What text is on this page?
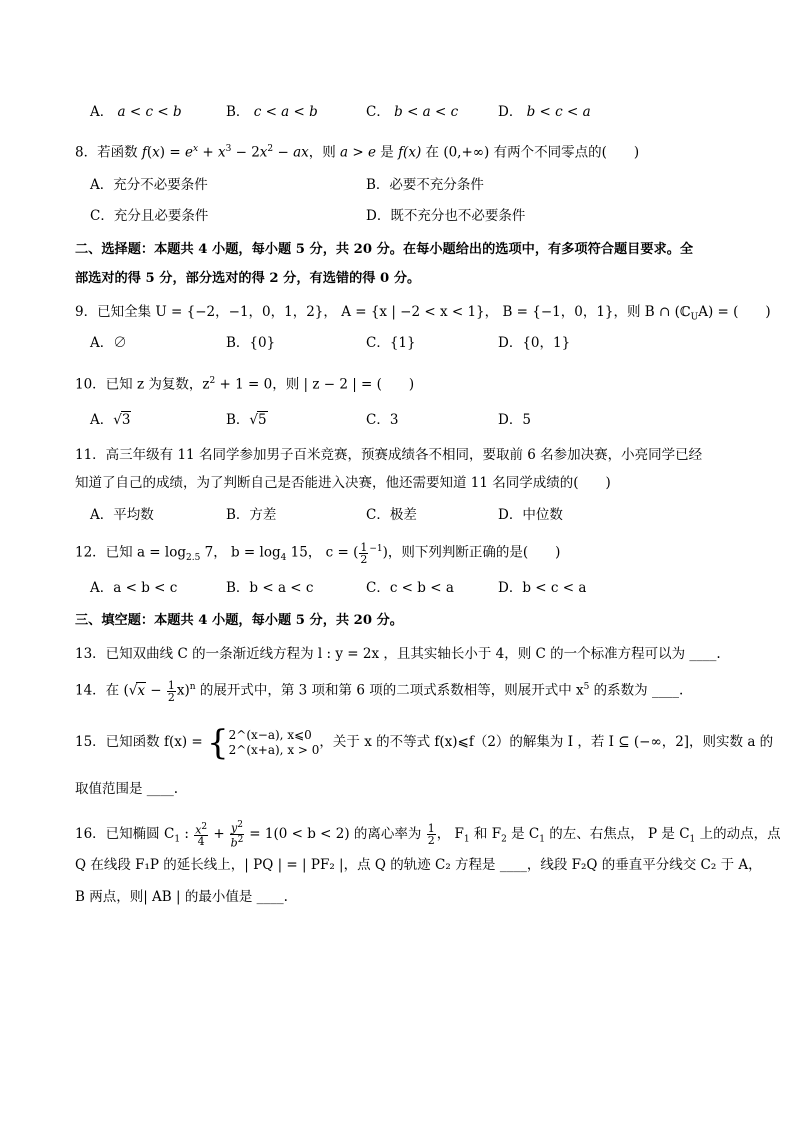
A． a < c < b	B． c < a < b	C． b < a < c	D． b < c < a
8．若函数 $f(x) = e^x + x^3 - 2x^2$ − ax，则 a > e 是 f(x) 在 (0,+∞) 有两个不同零点的(　　)
A．充分不必要条件	B．必要不充分条件
C．充分且必要条件	D．既不充分也不必要条件
二、选择题：本题共 4 小题，每小题 5 分，共 20 分。在每小题给出的选项中，有多项符合题目要求。全
部选对的得 5 分，部分选对的得 2 分，有选错的得 0 分。
9．已知全集 U = {−2，−1，0，1，2}， A = {x | −2 < x < 1}， B = {−1，0，1}，则 B ∩ (ℂ$_U$A) = (　　)
A．∅	B．{0}	C．{1}	D．{0，1}
10．已知 z 为复数，$z^2 + 1 = 0$，则 | z − 2 | = (　　)
A．√3	B．√5	C．3	D．5
11．高三年级有 11 名同学参加男子百米竞赛，预赛成绩各不相同，要取前 6 名参加决赛，小亮同学已经
知道了自己的成绩，为了判断自己是否能进入决赛，他还需要知道 11 名同学成绩的(　　)
A．平均数	B．方差	C．极差	D．中位数
12．已知 $a = \log_{2.5} 7$， $b = \log_4 15$， c = ( $\frac{1}{2} ^{-1}$)，则下列判断正确的是(　　)
A．a < b < c	B．b < a < c	C．c < b < a	D．b < c < a
三、填空题：本题共 4 小题，每小题 5 分，共 20 分。
13．已知双曲线 C 的一条渐近线方程为 l : y = 2x ，且其实轴长小于 4，则 C 的一个标准方程可以为 ____.
14．在 $(√x - \frac{1}{2} x)^n$ 的展开式中，第 3 项和第 6 项的二项式系数相等，则展开式中 $x^5$ 的系数为 ____.
15．已知函数 f(x) = { 2^(x−a), x⩽0
2^(x+a), x > 0 ，关于 x 的不等式 f(x)⩽f（2）的解集为 I ，若 I ⊆ (−∞，2]，则实数 a 的
取值范围是 ____.
16．已知椭圆 $C_1$ : $\frac{x^2}{4} + \frac{y^2}{b^2} = 1(0 < b < 2)$ 的离心率为 $\frac{1}{2}$ ， $F_1$ 和 $F_2$ 是 $C_1$ 的左、右焦点， P 是 $C_1$ 上的动点，点
Q 在线段 F₁P 的延长线上，| PQ | = | PF₂ |，点 Q 的轨迹 C₂ 方程是 ____，线段 F₂Q 的垂直平分线交 C₂ 于 A，
B 两点，则| AB | 的最小值是 ____.
